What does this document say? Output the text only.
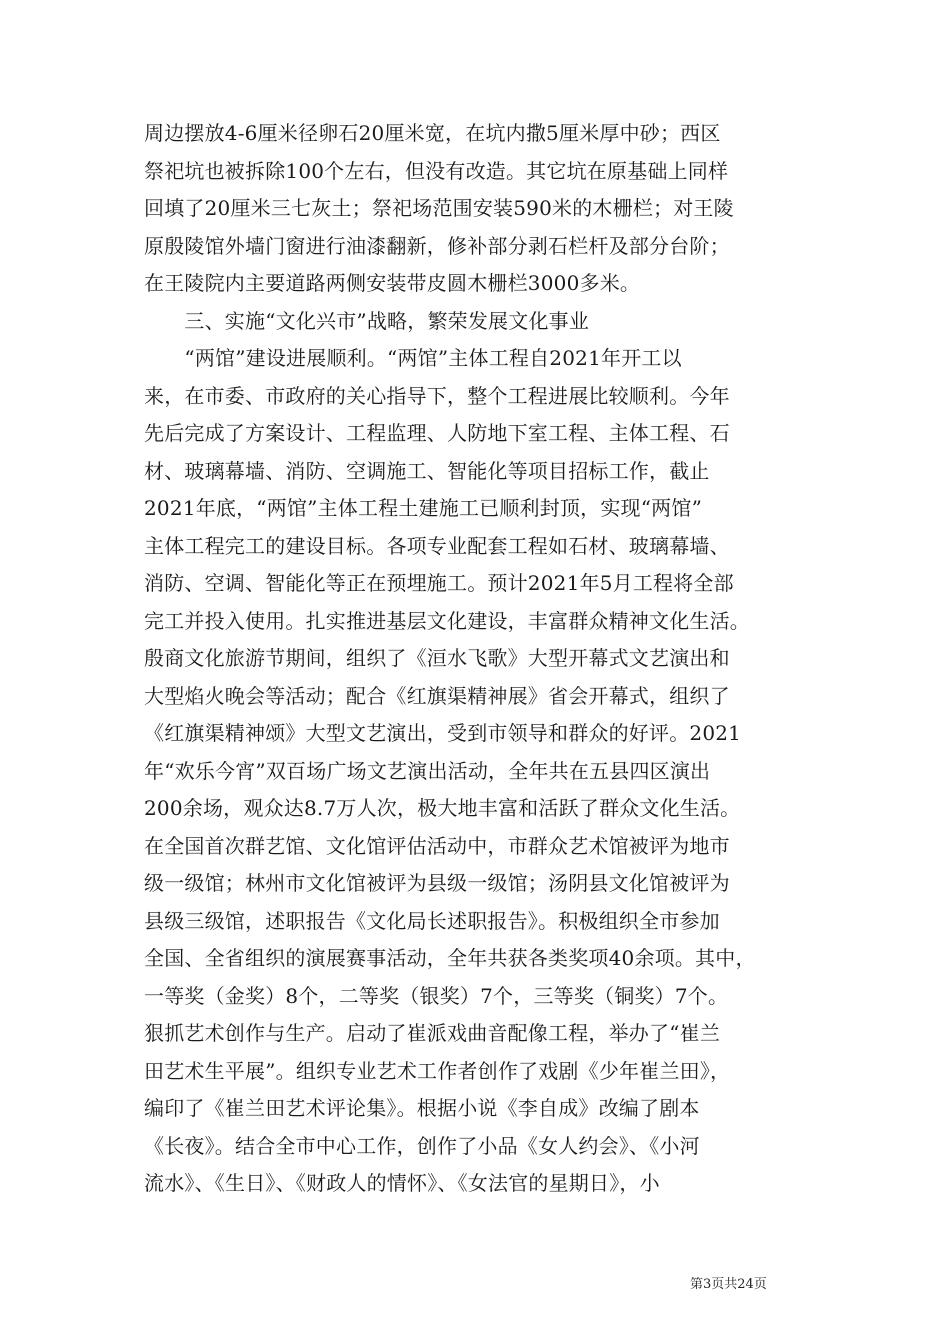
周边摆放4-6厘米径卵石20厘米宽，在坑内撒5厘米厚中砂；西区
祭祀坑也被拆除100个左右，但没有改造。其它坑在原基础上同样
回填了20厘米三七灰土；祭祀场范围安装590米的木栅栏；对王陵
原殷陵馆外墙门窗进行油漆翻新，修补部分剥石栏杆及部分台阶；
在王陵院内主要道路两侧安装带皮圆木栅栏3000多米。
　　三、实施“文化兴市”战略，繁荣发展文化事业
　　“两馆”建设进展顺利。“两馆”主体工程自2021年开工以
来，在市委、市政府的关心指导下，整个工程进展比较顺利。今年
先后完成了方案设计、工程监理、人防地下室工程、主体工程、石
材、玻璃幕墙、消防、空调施工、智能化等项目招标工作，截止
2021年底，“两馆”主体工程土建施工已顺利封顶，实现“两馆”
主体工程完工的建设目标。各项专业配套工程如石材、玻璃幕墙、
消防、空调、智能化等正在预埋施工。预计2021年5月工程将全部
完工并投入使用。扎实推进基层文化建设，丰富群众精神文化生活。
殷商文化旅游节期间，组织了《洹水飞歌》大型开幕式文艺演出和
大型焰火晚会等活动；配合《红旗渠精神展》省会开幕式，组织了
《红旗渠精神颂》大型文艺演出，受到市领导和群众的好评。2021
年“欢乐今宵”双百场广场文艺演出活动，全年共在五县四区演出
200余场，观众达8.7万人次，极大地丰富和活跃了群众文化生活。
在全国首次群艺馆、文化馆评估活动中，市群众艺术馆被评为地市
级一级馆；林州市文化馆被评为县级一级馆；汤阴县文化馆被评为
县级三级馆，述职报告《文化局长述职报告》。积极组织全市参加
全国、全省组织的演展赛事活动，全年共获各类奖项40余项。其中，
一等奖（金奖）8个，二等奖（银奖）7个，三等奖（铜奖）7个。
狠抓艺术创作与生产。启动了崔派戏曲音配像工程，举办了“崔兰
田艺术生平展”。组织专业艺术工作者创作了戏剧《少年崔兰田》，
编印了《崔兰田艺术评论集》。根据小说《李自成》改编了剧本
《长夜》。结合全市中心工作，创作了小品《女人约会》、《小河
流水》、《生日》、《财政人的情怀》、《女法官的星期日》，小
第3页共24页
